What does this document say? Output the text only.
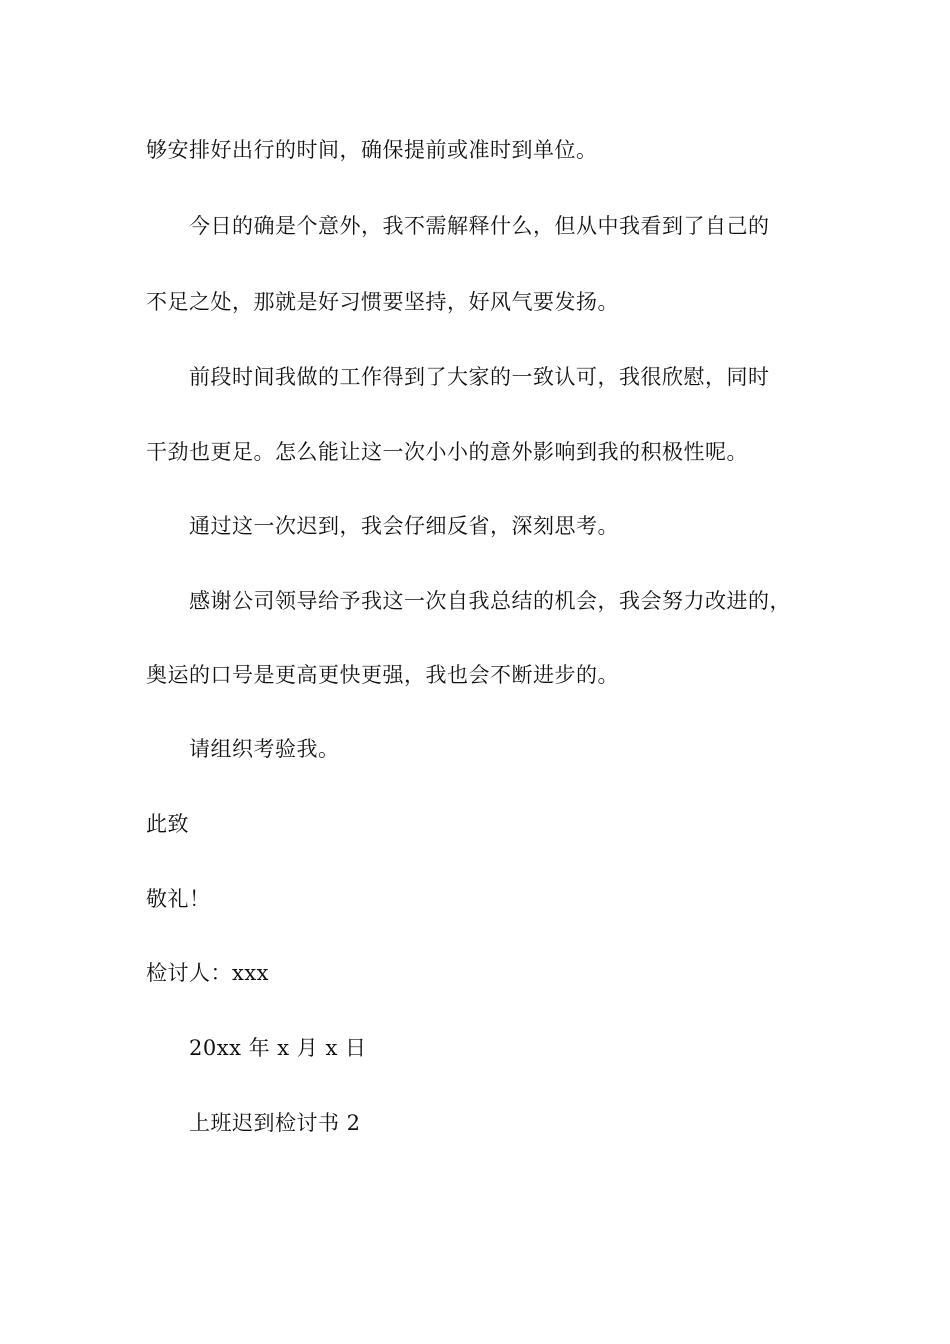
够安排好出行的时间，确保提前或准时到单位。

今日的确是个意外，我不需解释什么，但从中我看到了自己的

不足之处，那就是好习惯要坚持，好风气要发扬。

前段时间我做的工作得到了大家的一致认可，我很欣慰，同时

干劲也更足。怎么能让这一次小小的意外影响到我的积极性呢。

通过这一次迟到，我会仔细反省，深刻思考。

感谢公司领导给予我这一次自我总结的机会，我会努力改进的，

奥运的口号是更高更快更强，我也会不断进步的。

请组织考验我。

此致

敬礼！

检讨人：xxx

20xx 年 x 月 x 日

上班迟到检讨书 2
